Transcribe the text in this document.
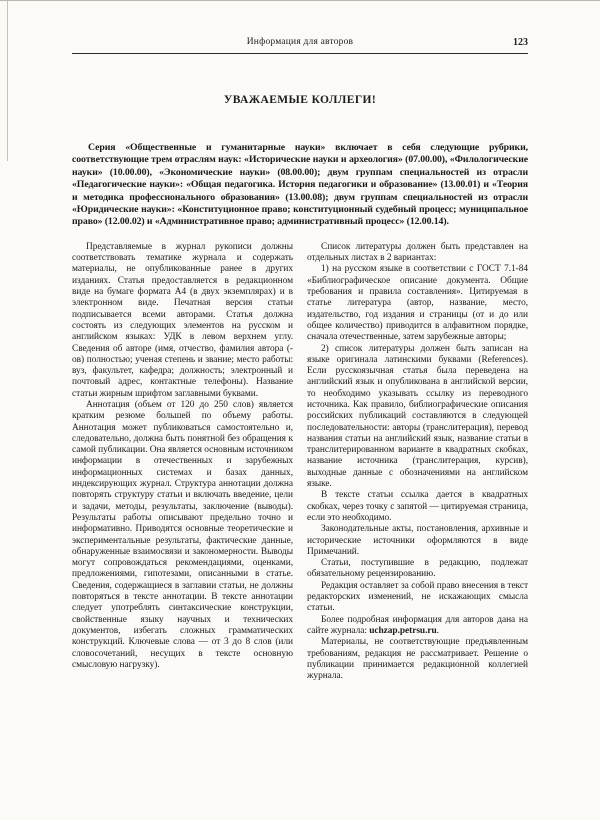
Информация для авторов	123
УВАЖАЕМЫЕ КОЛЛЕГИ!

Серия «Общественные и гуманитарные науки» включает в себя следующие рубрики, соответствующие трем отраслям наук: «Исторические науки и археология» (07.00.00), «Филологические науки» (10.00.00), «Экономические науки» (08.00.00); двум группам специальностей из отрасли «Педагогические науки»: «Общая педагогика. История педагогики и образование» (13.00.01) и «Теория и методика профессионального образования» (13.00.08); двум группам специальностей из отрасли «Юридические науки»: «Конституционное право; конституционный судебный процесс; муниципальное право» (12.00.02) и «Административное право; административный процесс» (12.00.14).

Представляемые в журнал рукописи должны соответствовать тематике журнала и содержать материалы, не опубликованные ранее в других изданиях. Статья предоставляется в редакционном виде на бумаге формата А4 (в двух экземплярах) и в электронном виде. Печатная версия статьи подписывается всеми авторами. Статья должна состоять из следующих элементов на русском и английском языках: УДК в левом верхнем углу. Сведения об авторе (имя, отчество, фамилия автора (-ов) полностью; ученая степень и звание; место работы: вуз, факультет, кафедра; должность; электронный и почтовый адрес, контактные телефоны). Название статьи жирным шрифтом заглавными буквами.

Аннотация (объем от 120 до 250 слов) является кратким резюме большей по объему работы. Аннотация может публиковаться самостоятельно и, следовательно, должна быть понятной без обращения к самой публикации. Она является основным источником информации в отечественных и зарубежных информационных системах и базах данных, индексирующих журнал. Структура аннотации должна повторять структуру статьи и включать введение, цели и задачи, методы, результаты, заключение (выводы). Результаты работы описывают предельно точно и информативно. Приводятся основные теоретические и экспериментальные результаты, фактические данные, обнаруженные взаимосвязи и закономерности. Выводы могут сопровождаться рекомендациями, оценками, предложениями, гипотезами, описанными в статье. Сведения, содержащиеся в заглавии статьи, не должны повторяться в тексте аннотации. В тексте аннотации следует употреблять синтаксические конструкции, свойственные языку научных и технических документов, избегать сложных грамматических конструкций. Ключевые слова — от 3 до 8 слов (или словосочетаний, несущих в тексте основную смысловую нагрузку).

Список литературы должен быть представлен на отдельных листах в 2 вариантах:

1) на русском языке в соответствии с ГОСТ 7.1-84 «Библиографическое описание документа. Общие требования и правила составления». Цитируемая в статье литература (автор, название, место, издательство, год издания и страницы (от и до или общее количество) приводится в алфавитном порядке, сначала отечественные, затем зарубежные авторы;

2) список литературы должен быть записан на языке оригинала латинскими буквами (References). Если русскоязычная статья была переведена на английский язык и опубликована в английской версии, то необходимо указывать ссылку из переводного источника. Как правило, библиографические описания российских публикаций составляются в следующей последовательности: авторы (транслитерация), перевод названия статьи на английский язык, название статьи в транслитерированном варианте в квадратных скобках, название источника (транслитерация, курсив), выходные данные с обозначениями на английском языке.

В тексте статьи ссылка дается в квадратных скобках, через точку с запятой — цитируемая страница, если это необходимо.

Законодательные акты, постановления, архивные и исторические источники оформляются в виде Примечаний.

Статьи, поступившие в редакцию, подлежат обязательному рецензированию.

Редакция оставляет за собой право внесения в текст редакторских изменений, не искажающих смысла статьи.

Более подробная информация для авторов дана на сайте журнала: uchzap.petrsu.ru.

Материалы, не соответствующие предъявленным требованиям, редакция не рассматривает. Решение о публикации принимается редакционной коллегией журнала.
